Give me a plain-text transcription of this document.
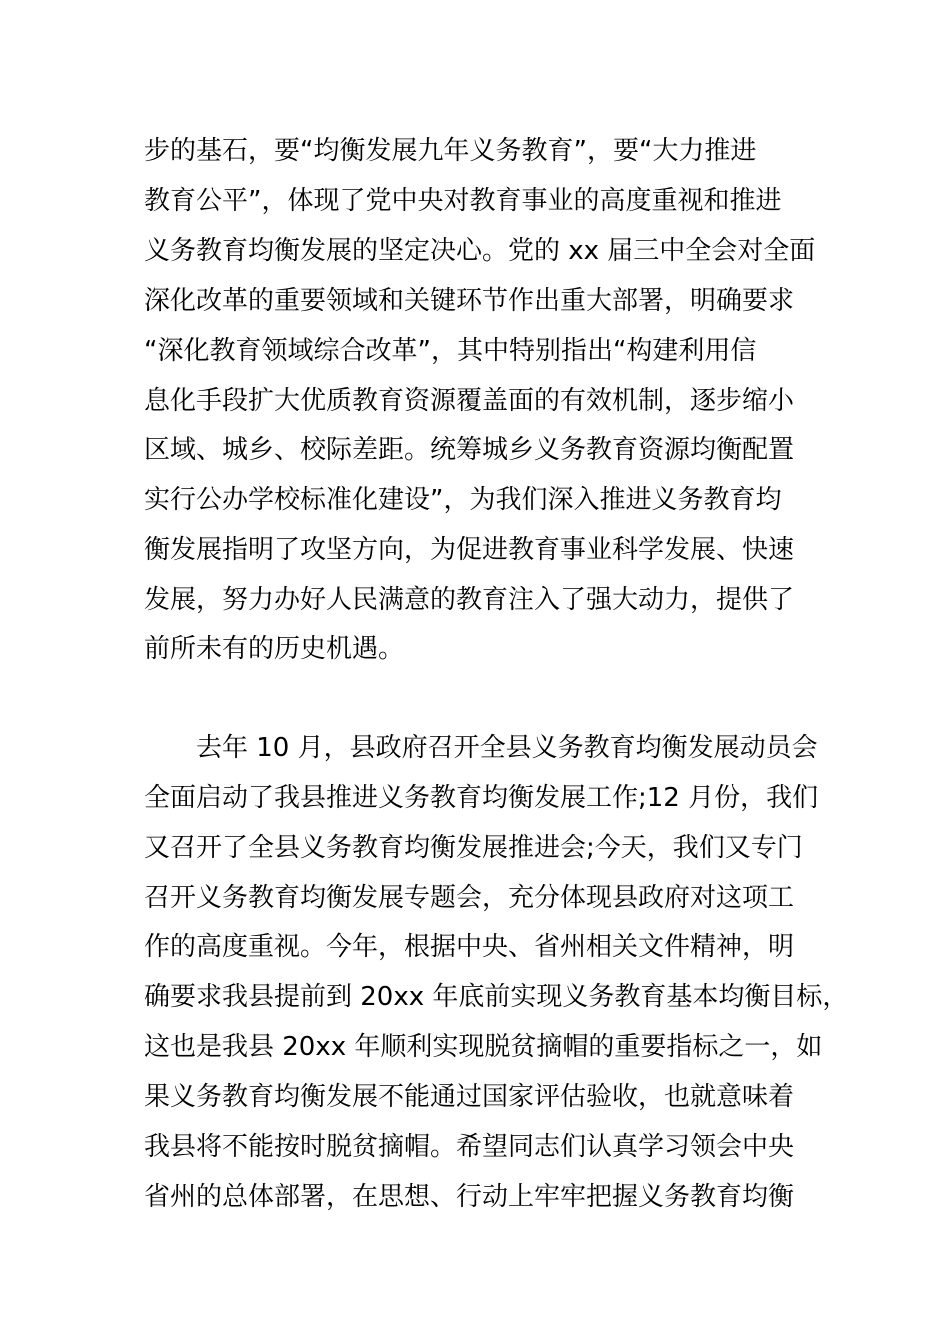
步的基石，要“均衡发展九年义务教育”，要“大力推进
教育公平”，体现了党中央对教育事业的高度重视和推进
义务教育均衡发展的坚定决心。党的 xx 届三中全会对全面
深化改革的重要领域和关键环节作出重大部署，明确要求
“深化教育领域综合改革”，其中特别指出“构建利用信
息化手段扩大优质教育资源覆盖面的有效机制，逐步缩小
区域、城乡、校际差距。统筹城乡义务教育资源均衡配置
实行公办学校标准化建设”，为我们深入推进义务教育均
衡发展指明了攻坚方向，为促进教育事业科学发展、快速
发展，努力办好人民满意的教育注入了强大动力，提供了
前所未有的历史机遇。
去年 10 月，县政府召开全县义务教育均衡发展动员会
全面启动了我县推进义务教育均衡发展工作;12 月份，我们
又召开了全县义务教育均衡发展推进会;今天，我们又专门
召开义务教育均衡发展专题会，充分体现县政府对这项工
作的高度重视。今年，根据中央、省州相关文件精神，明
确要求我县提前到 20xx 年底前实现义务教育基本均衡目标，
这也是我县 20xx 年顺利实现脱贫摘帽的重要指标之一，如
果义务教育均衡发展不能通过国家评估验收，也就意味着
我县将不能按时脱贫摘帽。希望同志们认真学习领会中央
省州的总体部署，在思想、行动上牢牢把握义务教育均衡
